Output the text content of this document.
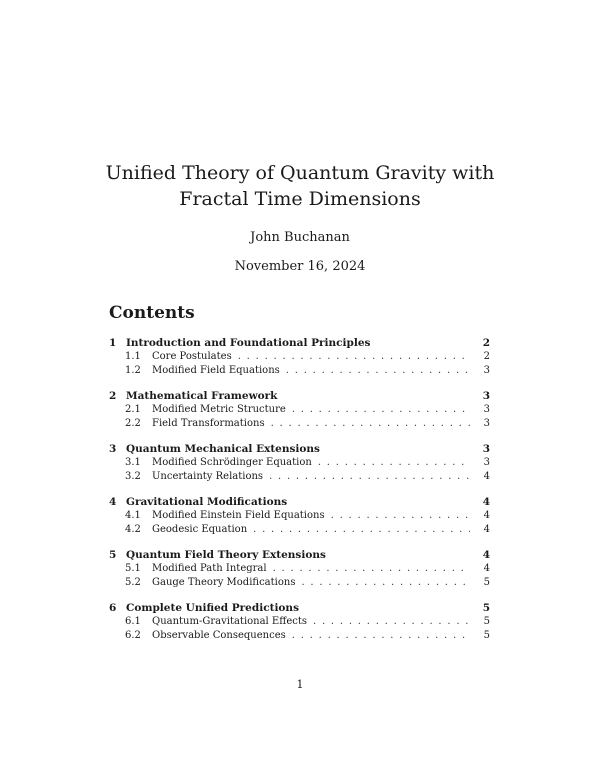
Unified Theory of Quantum Gravity with
Fractal Time Dimensions
John Buchanan
November 16, 2024
Contents
1 Introduction and Foundational Principles	2
1.1	Core Postulates . . .	2
1.2	Modified Field Equations . . .	3
2 Mathematical Framework	3
2.1	Modified Metric Structure . . .	3
2.2	Field Transformations . . .	3
3 Quantum Mechanical Extensions	3
3.1	Modified Schrödinger Equation . . .	3
3.2	Uncertainty Relations . . .	4
4 Gravitational Modifications	4
4.1	Modified Einstein Field Equations . . .	4
4.2	Geodesic Equation . . .	4
5 Quantum Field Theory Extensions	4
5.1	Modified Path Integral . . .	4
5.2	Gauge Theory Modifications . . .	5
6 Complete Unified Predictions	5
6.1	Quantum-Gravitational Effects . . .	5
6.2	Observable Consequences . . .	5
1
